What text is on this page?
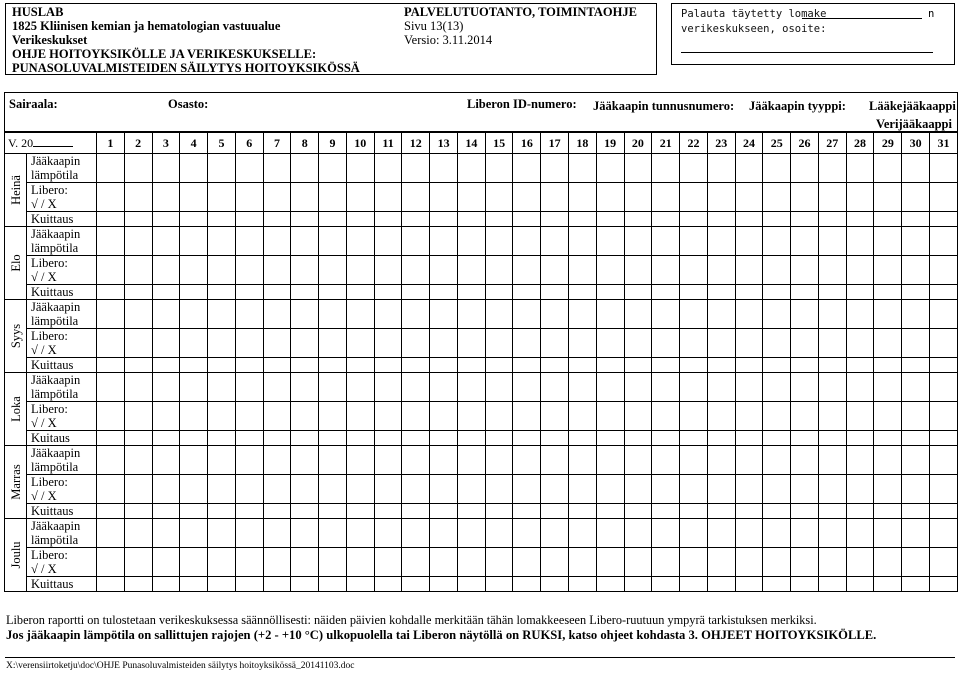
HUSLAB
1825 Kliinisen kemian ja hematologian vastuualue
Verikeskukset
OHJE HOITOYKSIKÖLLE JA VERIKESKUKSELLE:
PUNASOLUVALMISTEIDEN SÄILYTYS HOITOYKSIKÖSSÄ
PALVELUTUOTANTO, TOIMINTAOHJE
Sivu 13(13)
Versio: 3.11.2014
Palauta täytetty lomake	n
verikeskukseen, osoite:
Sairaala:	Osasto:	Liberon ID-numero: Jääkaapin tunnusnumero: Jääkaapin tyyppi: Lääkejääkaappi
Verijääkaappi
V. 20		1	2	3	4	5	6	7	8	9	10	11	12	13	14	15	16	17	18	19	20	21	22	23	24	25	26	27	28	29	30	31

Heinä	Jääkaapin
lämpötila																															

	Libero:
√ / X																															

	Kuittaus																															

Elo	Jääkaapin
lämpötila																															

	Libero:
√ / X																															

	Kuittaus																															

Syys	Jääkaapin
lämpötila																															

	Libero:
√ / X																															

	Kuittaus																															

Loka	Jääkaapin
lämpötila																															

	Libero:
√ / X																															

	Kuitaus																															

Marras	Jääkaapin
lämpötila																															

	Libero:
√ / X																															

	Kuittaus																															

Joulu	Jääkaapin
lämpötila																															

	Libero:
√ / X																															

	Kuittaus																															
Liberon raportti on tulostetaan verikeskuksessa säännöllisesti: näiden päivien kohdalle merkitään tähän lomakkeeseen Libero-ruutuun ympyrä tarkistuksen merkiksi.
Jos jääkaapin lämpötila on sallittujen rajojen (+2 - +10 °C) ulkopuolella tai Liberon näytöllä on RUKSI, katso ohjeet kohdasta 3. OHJEET HOITOYKSIKÖLLE.
X:\verensiirtoketju\doc\OHJE Punasoluvalmisteiden säilytys hoitoyksikössä_20141103.doc
